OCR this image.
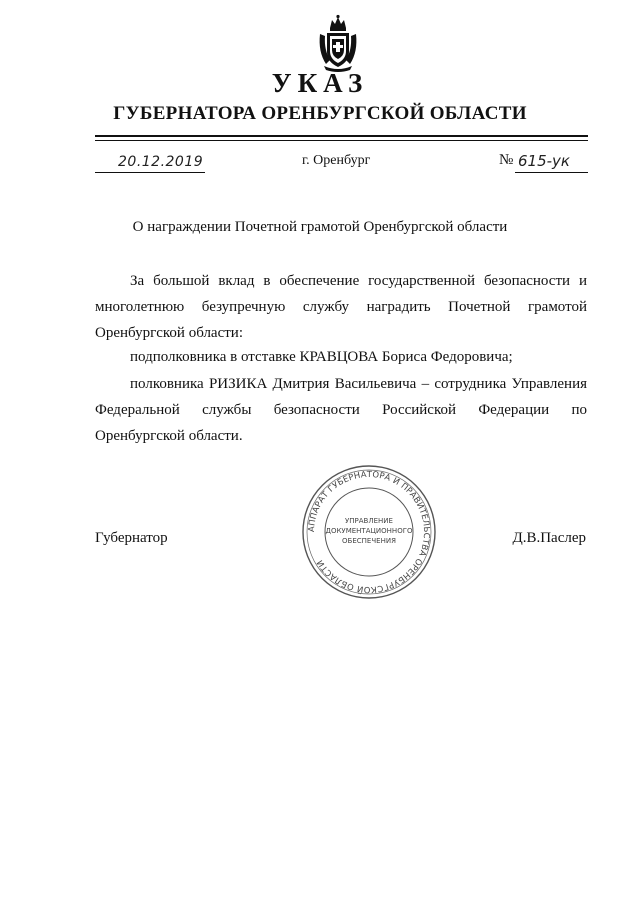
УКАЗ
ГУБЕРНАТОРА ОРЕНБУРГСКОЙ ОБЛАСТИ
20.12.2019	г. Оренбург	№ 615-ук
О награждении Почетной грамотой Оренбургской области
За большой вклад в обеспечение государственной безопасности и многолетнюю безупречную службу наградить Почетной грамотой Оренбургской области:
подполковника в отставке КРАВЦОВА Бориса Федоровича;
полковника РИЗИКА Дмитрия Васильевича – сотрудника Управления Федеральной службы безопасности Российской Федерации по Оренбургской области.
Губернатор	Д.В.Паслер
АППАРАТ ГУБЕРНАТОРА И ПРАВИТЕЛЬСТВА ОРЕНБУРГСКОЙ ОБЛАСТИ
УПРАВЛЕНИЕ
ДОКУМЕНТАЦИОННОГО
ОБЕСПЕЧЕНИЯ
